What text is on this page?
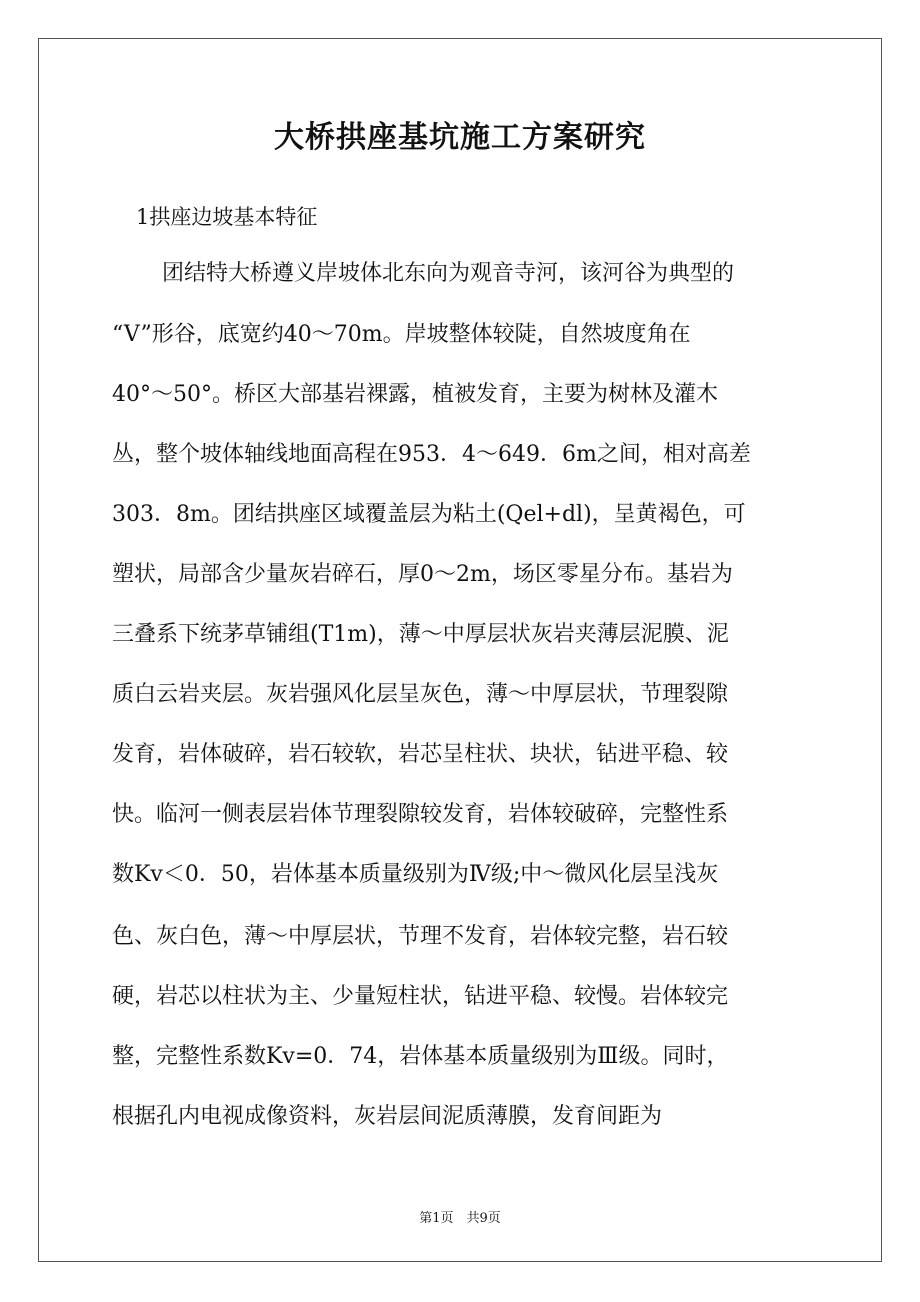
大桥拱座基坑施工方案研究
1拱座边坡基本特征
团结特大桥遵义岸坡体北东向为观音寺河，该河谷为典型的
“V”形谷，底宽约40～70m。岸坡整体较陡，自然坡度角在
40°～50°。桥区大部基岩裸露，植被发育，主要为树林及灌木
丛，整个坡体轴线地面高程在953．4～649．6m之间，相对高差
303．8m。团结拱座区域覆盖层为粘土(Qel+dl)，呈黄褐色，可
塑状，局部含少量灰岩碎石，厚0～2m，场区零星分布。基岩为
三叠系下统茅草铺组(T1m)，薄～中厚层状灰岩夹薄层泥膜、泥
质白云岩夹层。灰岩强风化层呈灰色，薄～中厚层状，节理裂隙
发育，岩体破碎，岩石较软，岩芯呈柱状、块状，钻进平稳、较
快。临河一侧表层岩体节理裂隙较发育，岩体较破碎，完整性系
数Kv＜0．50，岩体基本质量级别为Ⅳ级;中～微风化层呈浅灰
色、灰白色，薄～中厚层状，节理不发育，岩体较完整，岩石较
硬，岩芯以柱状为主、少量短柱状，钻进平稳、较慢。岩体较完
整，完整性系数Kv=0．74，岩体基本质量级别为Ⅲ级。同时，
根据孔内电视成像资料，灰岩层间泥质薄膜，发育间距为
第1页　共9页
